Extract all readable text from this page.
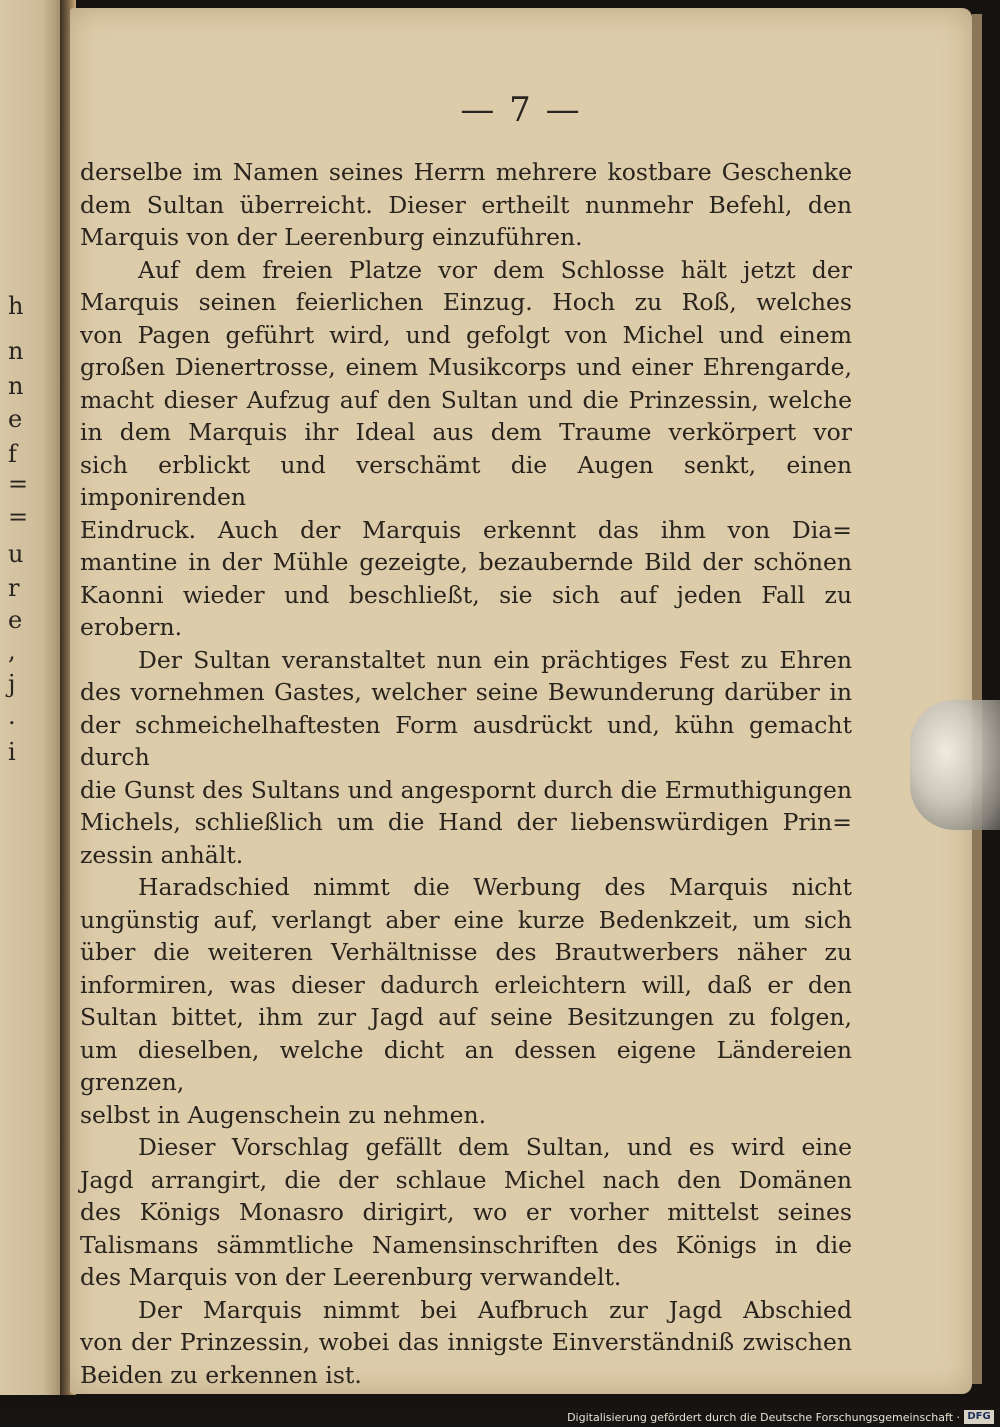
h
n
n
e
f
=
=
u
r
e
,
j
.
i
— 7 —

derselbe im Namen seines Herrn mehrere kostbare Geschenke

dem Sultan überreicht. Dieser ertheilt nunmehr Befehl, den

Marquis von der Leerenburg einzuführen.

Auf dem freien Platze vor dem Schlosse hält jetzt der

Marquis seinen feierlichen Einzug. Hoch zu Roß, welches

von Pagen geführt wird, und gefolgt von Michel und einem

großen Dienertrosse, einem Musikcorps und einer Ehrengarde,

macht dieser Aufzug auf den Sultan und die Prinzessin, welche

in dem Marquis ihr Ideal aus dem Traume verkörpert vor

sich erblickt und verschämt die Augen senkt, einen imponirenden

Eindruck. Auch der Marquis erkennt das ihm von Dia=

mantine in der Mühle gezeigte, bezaubernde Bild der schönen

Kaonni wieder und beschließt, sie sich auf jeden Fall zu

erobern.

Der Sultan veranstaltet nun ein prächtiges Fest zu Ehren

des vornehmen Gastes, welcher seine Bewunderung darüber in

der schmeichelhaftesten Form ausdrückt und, kühn gemacht durch

die Gunst des Sultans und angespornt durch die Ermuthigungen

Michels, schließlich um die Hand der liebenswürdigen Prin=

zessin anhält.

Haradschied nimmt die Werbung des Marquis nicht

ungünstig auf, verlangt aber eine kurze Bedenkzeit, um sich

über die weiteren Verhältnisse des Brautwerbers näher zu

informiren, was dieser dadurch erleichtern will, daß er den

Sultan bittet, ihm zur Jagd auf seine Besitzungen zu folgen,

um dieselben, welche dicht an dessen eigene Ländereien grenzen,

selbst in Augenschein zu nehmen.

Dieser Vorschlag gefällt dem Sultan, und es wird eine

Jagd arrangirt, die der schlaue Michel nach den Domänen

des Königs Monasro dirigirt, wo er vorher mittelst seines

Talismans sämmtliche Namensinschriften des Königs in die

des Marquis von der Leerenburg verwandelt.

Der Marquis nimmt bei Aufbruch zur Jagd Abschied

von der Prinzessin, wobei das innigste Einverständniß zwischen

Beiden zu erkennen ist.

Digitalisierung gefördert durch die Deutsche Forschungsgemeinschaft · DFG
